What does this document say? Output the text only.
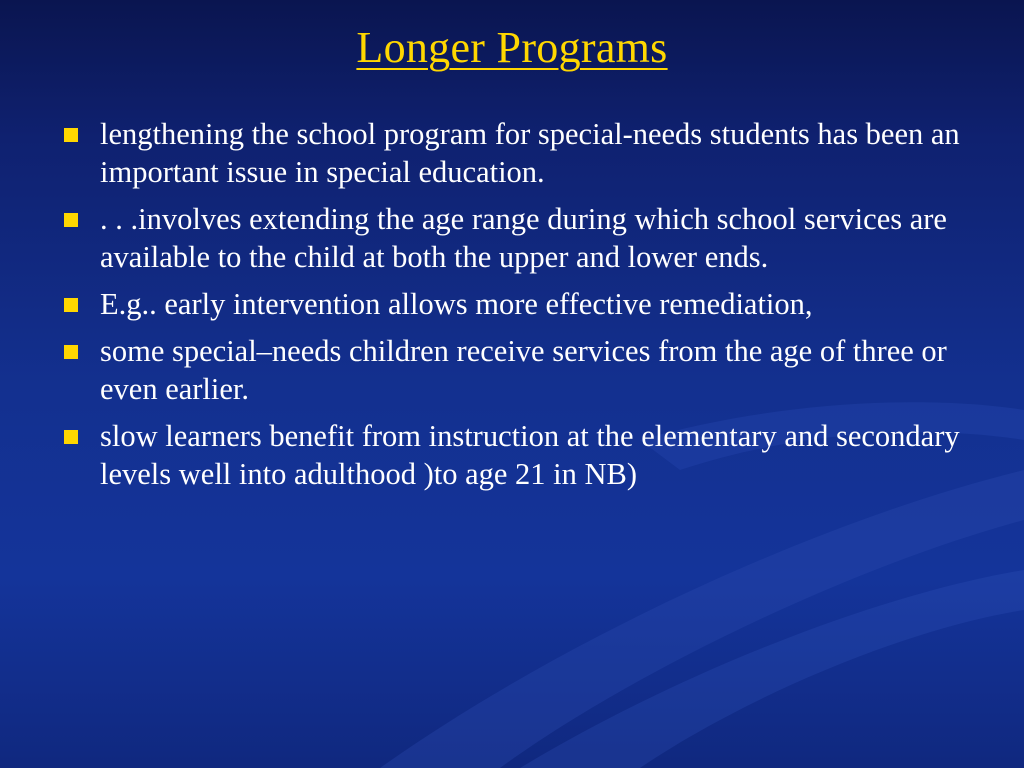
Longer Programs
lengthening the school program for special-needs students has been an important issue in special education.
. . .involves extending the age range during which school services are available to the child at both the upper and lower ends.
E.g.. early intervention allows more effective remediation,
some special–needs children receive services from the age of three or even earlier.
slow learners benefit from instruction at the elementary and secondary levels well into adulthood )to age 21 in NB)
